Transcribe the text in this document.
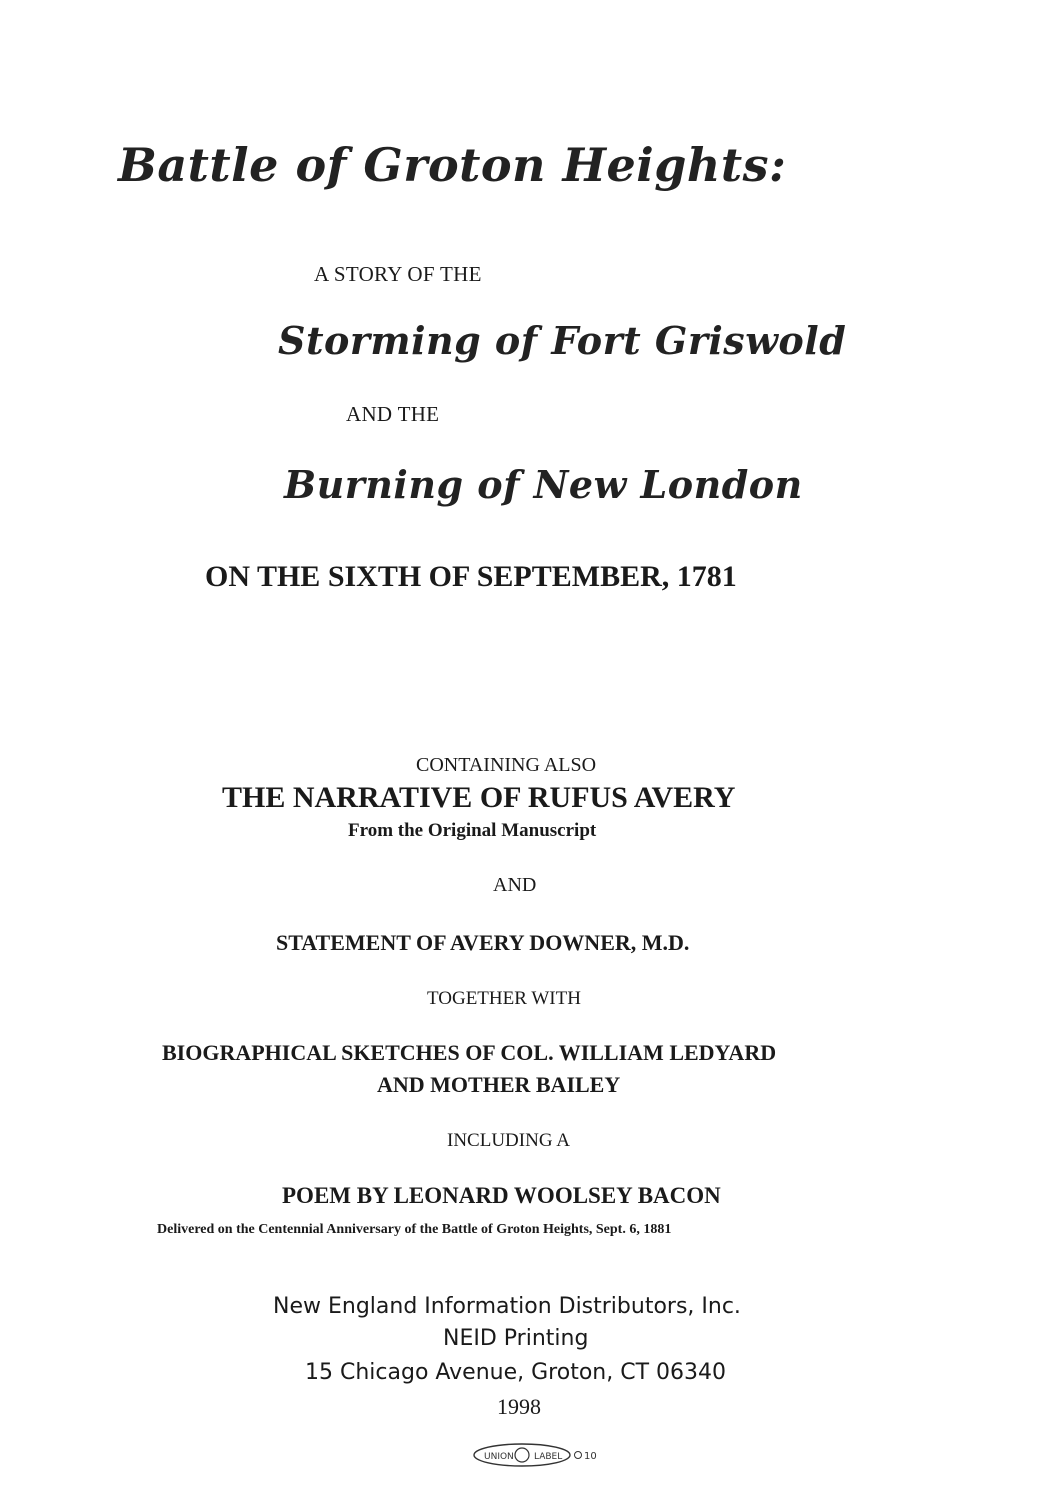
Battle of Groton Heights:

A STORY OF THE

Storming of Fort Griswold

AND THE

Burning of New London

ON THE SIXTH OF SEPTEMBER, 1781

CONTAINING ALSO

THE NARRATIVE OF RUFUS AVERY

From the Original Manuscript

AND

STATEMENT OF AVERY DOWNER, M.D.

TOGETHER WITH

BIOGRAPHICAL SKETCHES OF COL. WILLIAM LEDYARD

AND MOTHER BAILEY

INCLUDING A

POEM BY LEONARD WOOLSEY BACON

Delivered on the Centennial Anniversary of the Battle of Groton Heights, Sept. 6, 1881

New England Information Distributors, Inc.

NEID Printing

15 Chicago Avenue, Groton, CT 06340

1998

UNION LABEL 10
